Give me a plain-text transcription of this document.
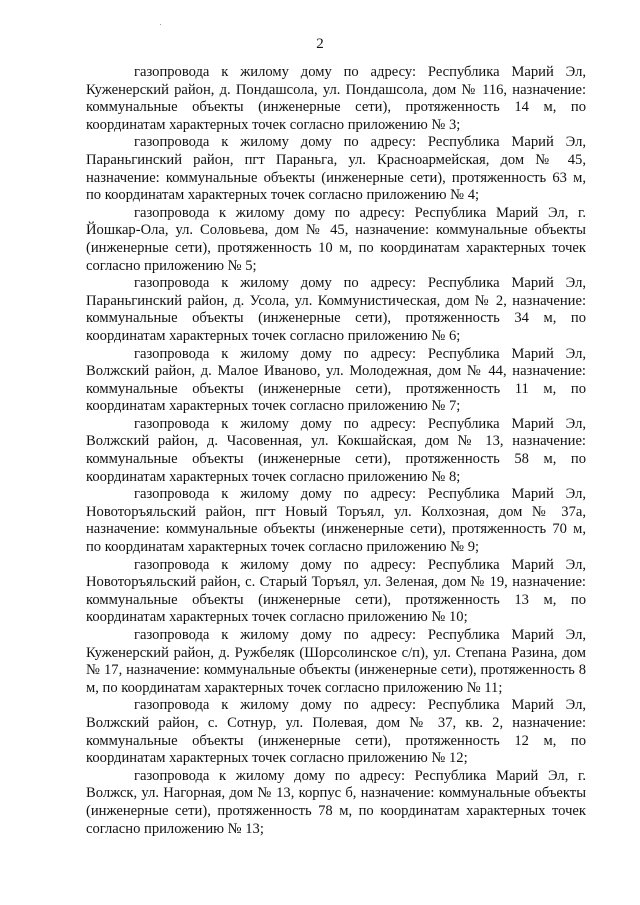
2

газопровода к жилому дому по адресу: Республика Марий Эл, Куженерский район, д. Пондашсола, ул. Пондашсола, дом № 116, назначение: коммунальные объекты (инженерные сети), протяженность 14 м, по координатам характерных точек согласно приложению № 3;

газопровода к жилому дому по адресу: Республика Марий Эл, Параньгинский район, пгт Параньга, ул. Красноармейская, дом № 45, назначение: коммунальные объекты (инженерные сети), протяженность 63 м, по координатам характерных точек согласно приложению № 4;

газопровода к жилому дому по адресу: Республика Марий Эл, г. Йошкар-Ола, ул. Соловьева, дом № 45, назначение: коммунальные объекты (инженерные сети), протяженность 10 м, по координатам характерных точек согласно приложению № 5;

газопровода к жилому дому по адресу: Республика Марий Эл, Параньгинский район, д. Усола, ул. Коммунистическая, дом № 2, назначение: коммунальные объекты (инженерные сети), протяженность 34 м, по координатам характерных точек согласно приложению № 6;

газопровода к жилому дому по адресу: Республика Марий Эл, Волжский район, д. Малое Иваново, ул. Молодежная, дом № 44, назначение: коммунальные объекты (инженерные сети), протяженность 11 м, по координатам характерных точек согласно приложению № 7;

газопровода к жилому дому по адресу: Республика Марий Эл, Волжский район, д. Часовенная, ул. Кокшайская, дом № 13, назначение: коммунальные объекты (инженерные сети), протяженность 58 м, по координатам характерных точек согласно приложению № 8;

газопровода к жилому дому по адресу: Республика Марий Эл, Новоторъяльский район, пгт Новый Торъял, ул. Колхозная, дом № 37а, назначение: коммунальные объекты (инженерные сети), протяженность 70 м, по координатам характерных точек согласно приложению № 9;

газопровода к жилому дому по адресу: Республика Марий Эл, Новоторъяльский район, с. Старый Торъял, ул. Зеленая, дом № 19, назначение: коммунальные объекты (инженерные сети), протяженность 13 м, по координатам характерных точек согласно приложению № 10;

газопровода к жилому дому по адресу: Республика Марий Эл, Куженерский район, д. Ружбеляк (Шорсолинское с/п), ул. Степана Разина, дом № 17, назначение: коммунальные объекты (инженерные сети), протяженность 8 м, по координатам характерных точек согласно приложению № 11;

газопровода к жилому дому по адресу: Республика Марий Эл, Волжский район, с. Сотнур, ул. Полевая, дом № 37, кв. 2, назначение: коммунальные объекты (инженерные сети), протяженность 12 м, по координатам характерных точек согласно приложению № 12;

газопровода к жилому дому по адресу: Республика Марий Эл, г. Волжск, ул. Нагорная, дом № 13, корпус б, назначение: коммунальные объекты (инженерные сети), протяженность 78 м, по координатам характерных точек согласно приложению № 13;
